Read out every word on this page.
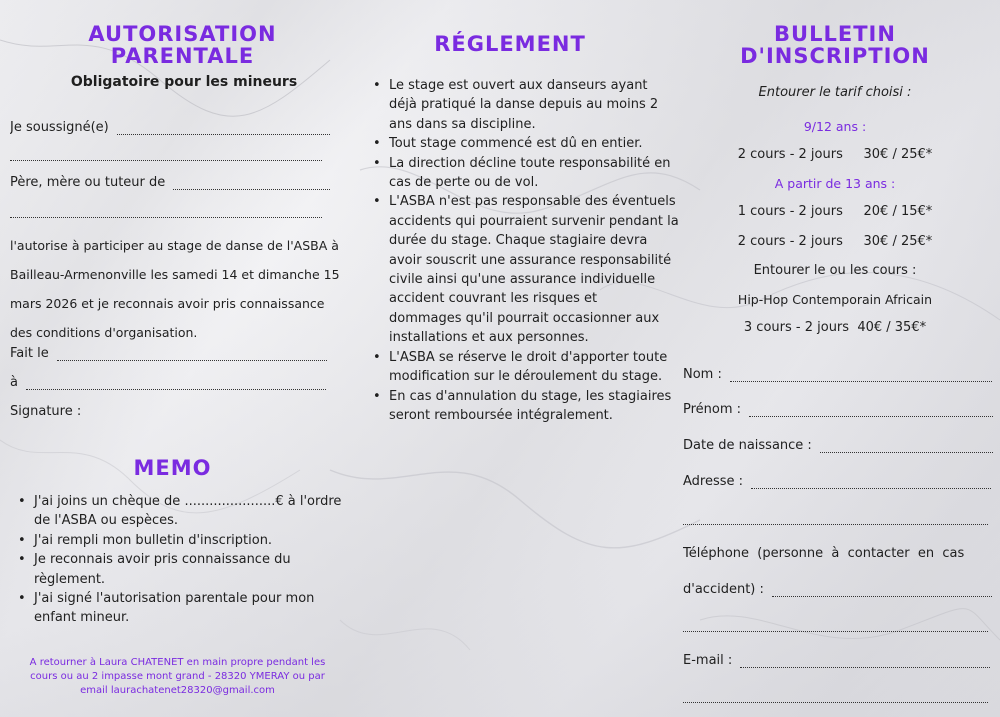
AUTORISATION
PARENTALE
Obligatoire pour les mineurs
Je soussigné(e)
Père, mère ou tuteur de
l'autorise à participer au stage de danse de l'ASBA à
Bailleau-Armenonville les samedi 14 et dimanche 15
mars 2026 et je reconnais avoir pris connaissance
des conditions d'organisation.
Fait le
à
Signature :
MEMO
• J'ai joins un chèque de ......................€ à l'ordre
de l'ASBA ou espèces.
• J'ai rempli mon bulletin d'inscription.
• Je reconnais avoir pris connaissance du
règlement.
• J'ai signé l'autorisation parentale pour mon
enfant mineur.
A retourner à Laura CHATENET en main propre pendant les
cours ou au 2 impasse mont grand - 28320 YMERAY ou par
email laurachatenet28320@gmail.com
RÉGLEMENT
• Le stage est ouvert aux danseurs ayant
déjà pratiqué la danse depuis au moins 2
ans dans sa discipline.
• Tout stage commencé est dû en entier.
• La direction décline toute responsabilité en
cas de perte ou de vol.
• L'ASBA n'est pas responsable des éventuels
accidents qui pourraient survenir pendant la
durée du stage. Chaque stagiaire devra
avoir souscrit une assurance responsabilité
civile ainsi qu'une assurance individuelle
accident couvrant les risques et
dommages qu'il pourrait occasionner aux
installations et aux personnes.
• L'ASBA se réserve le droit d'apporter toute
modification sur le déroulement du stage.
• En cas d'annulation du stage, les stagiaires
seront remboursée intégralement.
BULLETIN
D'INSCRIPTION
Entourer le tarif choisi :
9/12 ans :
2 cours - 2 jours     30€ / 25€*
A partir de 13 ans :
1 cours - 2 jours     20€ / 15€*
2 cours - 2 jours     30€ / 25€*
Entourer le ou les cours :
Hip-Hop Contemporain Africain
3 cours - 2 jours  40€ / 35€*
Nom :
Prénom :
Date de naissance :
Adresse :
Téléphone  (personne  à  contacter  en  cas
d'accident) :
E-mail :
